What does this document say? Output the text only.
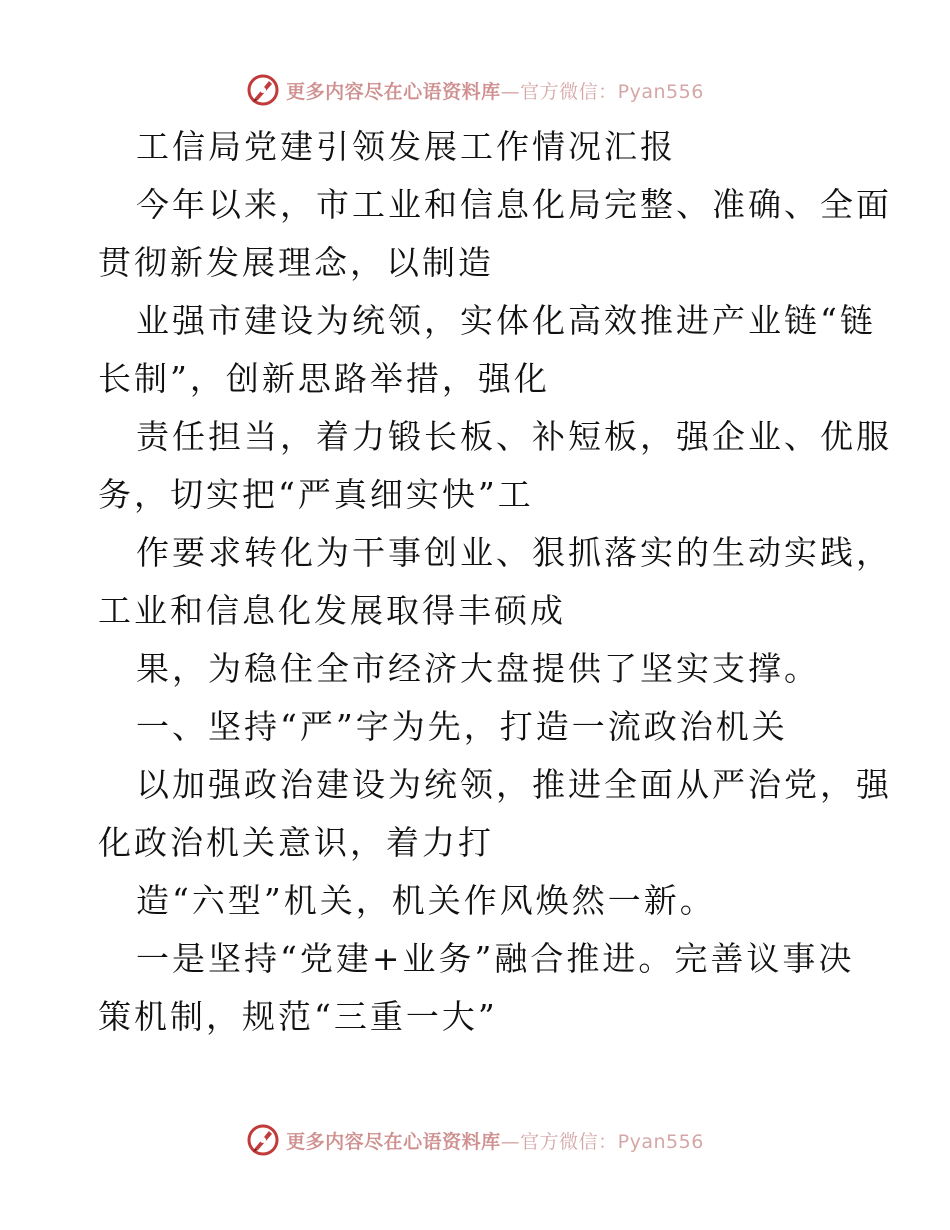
更多内容尽在心语资料库—官方微信：Pyan556
工信局党建引领发展工作情况汇报
今年以来，市工业和信息化局完整、准确、全面
贯彻新发展理念，以制造
业强市建设为统领，实体化高效推进产业链“链
长制”，创新思路举措，强化
责任担当，着力锻长板、补短板，强企业、优服
务，切实把“严真细实快”工
作要求转化为干事创业、狠抓落实的生动实践，
工业和信息化发展取得丰硕成
果，为稳住全市经济大盘提供了坚实支撑。
一、坚持“严”字为先，打造一流政治机关
以加强政治建设为统领，推进全面从严治党，强
化政治机关意识，着力打
造“六型”机关，机关作风焕然一新。
一是坚持“党建+业务”融合推进。完善议事决
策机制，规范“三重一大”
更多内容尽在心语资料库—官方微信：Pyan556
